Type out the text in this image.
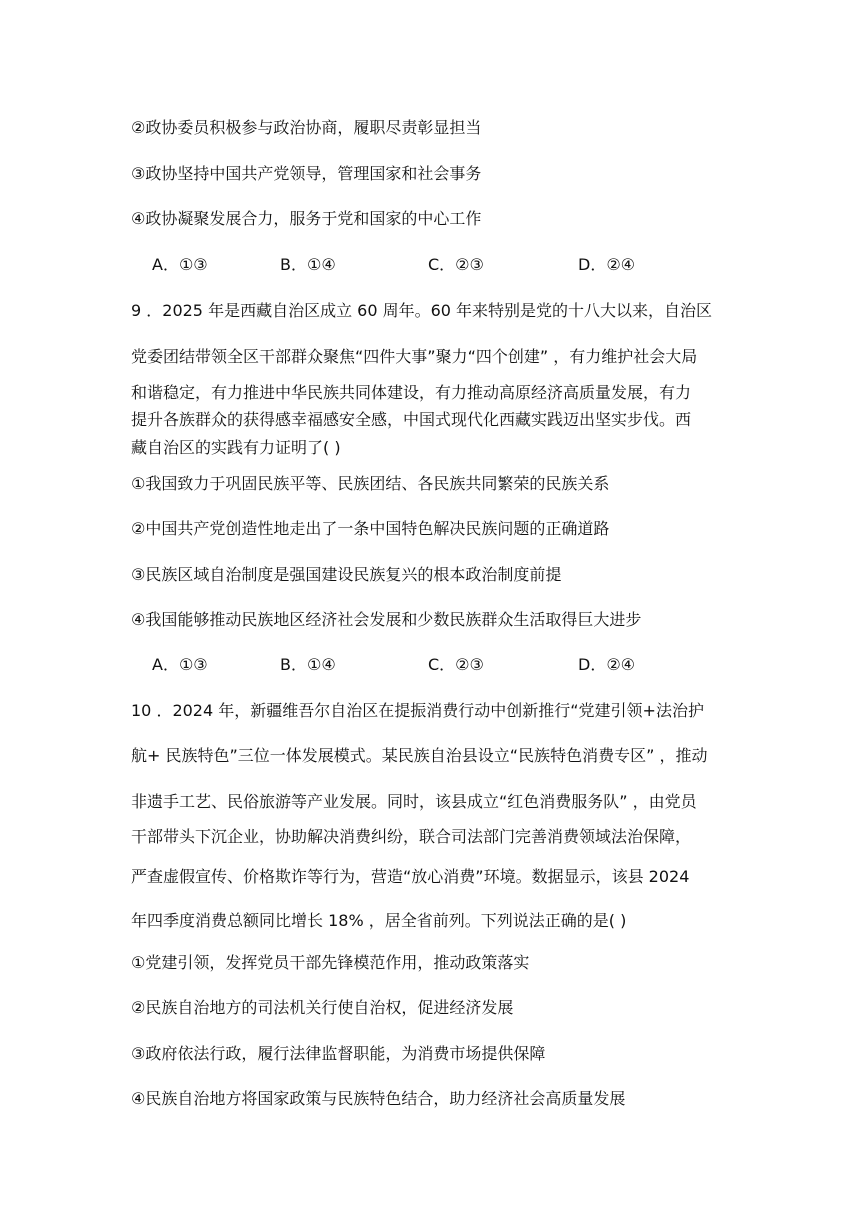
②政协委员积极参与政治协商，履职尽责彰显担当
③政协坚持中国共产党领导，管理国家和社会事务
④政协凝聚发展合力，服务于党和国家的中心工作
A．①③	B．①④	C．②③	D．②④
9 ．2025 年是西藏自治区成立 60 周年。60 年来特别是党的十八大以来，自治区
党委团结带领全区干部群众聚焦“四件大事”聚力“四个创建” ，有力维护社会大局
和谐稳定，有力推进中华民族共同体建设，有力推动高原经济高质量发展，有力
提升各族群众的获得感幸福感安全感，中国式现代化西藏实践迈出坚实步伐。西
藏自治区的实践有力证明了( )
①我国致力于巩固民族平等、民族团结、各民族共同繁荣的民族关系
②中国共产党创造性地走出了一条中国特色解决民族问题的正确道路
③民族区域自治制度是强国建设民族复兴的根本政治制度前提
④我国能够推动民族地区经济社会发展和少数民族群众生活取得巨大进步
A．①③	B．①④	C．②③	D．②④
10 ．2024 年，新疆维吾尔自治区在提振消费行动中创新推行“党建引领+法治护
航+ 民族特色”三位一体发展模式。某民族自治县设立“民族特色消费专区” ，推动
非遗手工艺、民俗旅游等产业发展。同时，该县成立“红色消费服务队” ，由党员
干部带头下沉企业，协助解决消费纠纷，联合司法部门完善消费领域法治保障，
严查虚假宣传、价格欺诈等行为，营造“放心消费”环境。数据显示，该县 2024
年四季度消费总额同比增长 18% ，居全省前列。下列说法正确的是( )
①党建引领，发挥党员干部先锋模范作用，推动政策落实
②民族自治地方的司法机关行使自治权，促进经济发展
③政府依法行政，履行法律监督职能，为消费市场提供保障
④民族自治地方将国家政策与民族特色结合，助力经济社会高质量发展
